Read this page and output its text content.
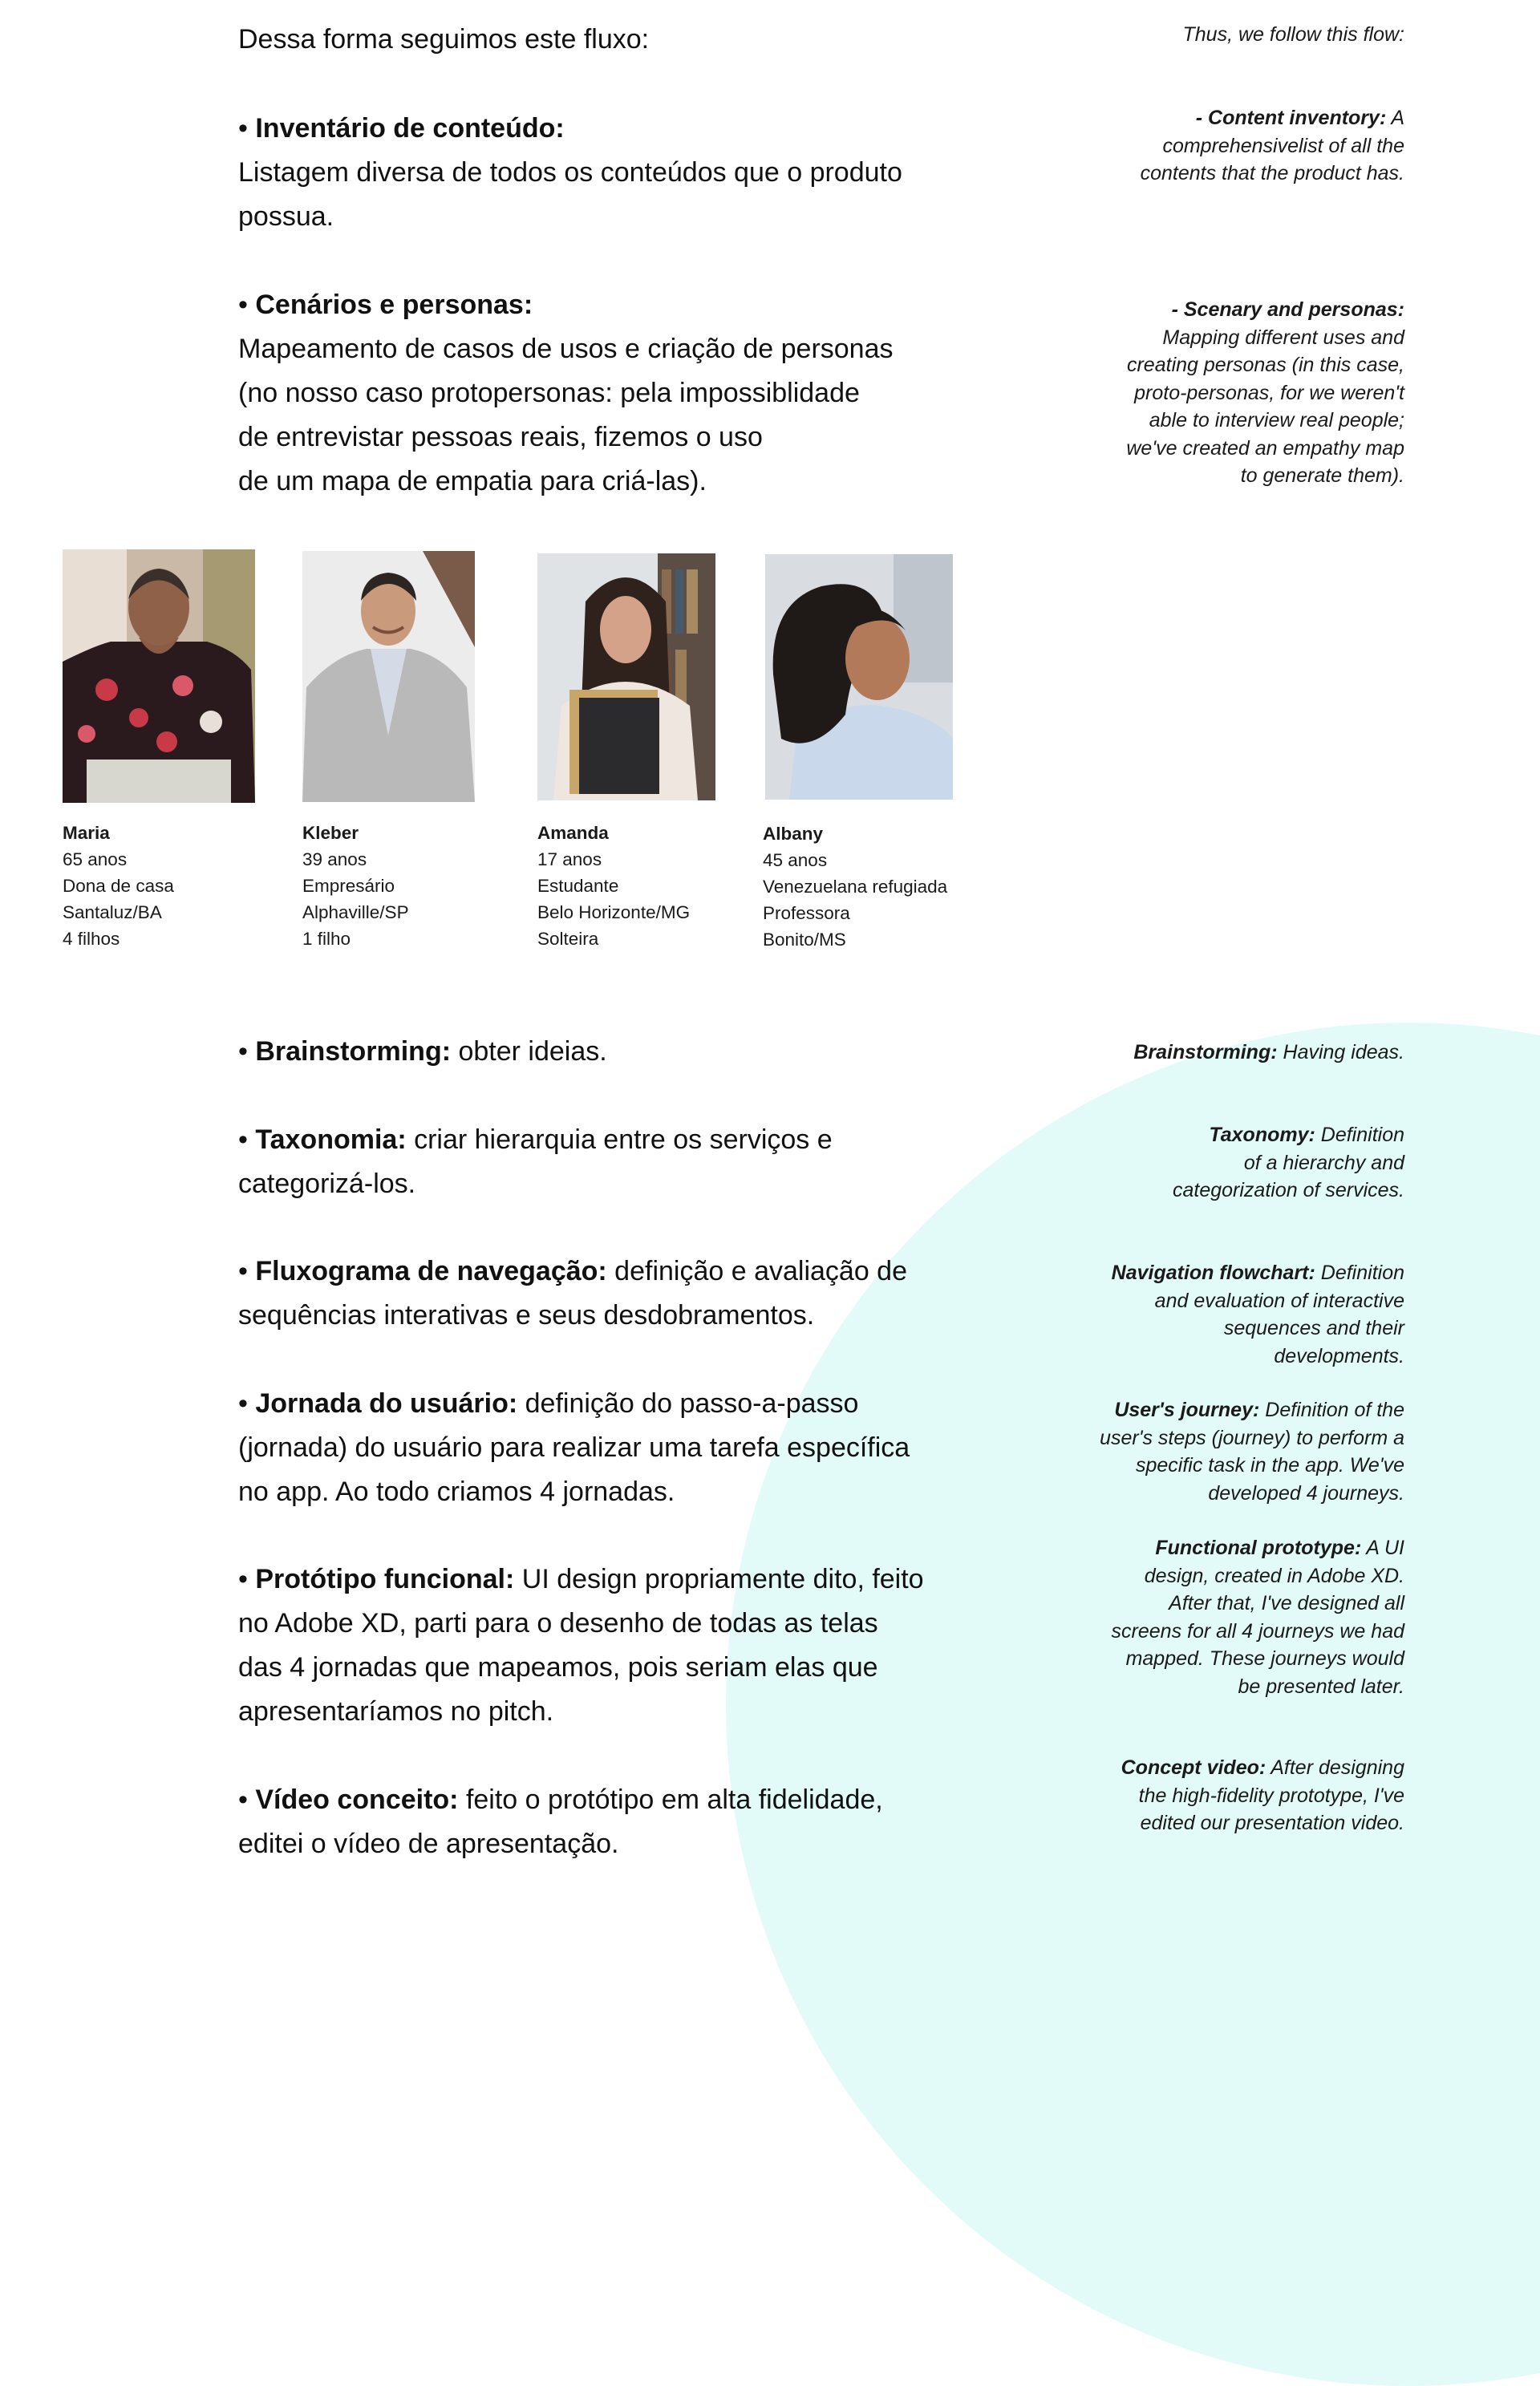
Dessa forma seguimos este fluxo:	Thus, we follow this flow:
• Inventário de conteúdo:
Listagem diversa de todos os conteúdos que o produto
possua.
- Content inventory: A
comprehensivelist of all the
contents that the product has.
• Cenários e personas:
Mapeamento de casos de usos e criação de personas
(no nosso caso protopersonas: pela impossiblidade
de entrevistar pessoas reais, fizemos o uso
de um mapa de empatia para criá-las).
- Scenary and personas:
Mapping different uses and
creating personas (in this case,
proto-personas, for we weren't
able to interview real people;
we've created an empathy map
to generate them).
Maria
65 anos
Dona de casa
Santaluz/BA
4 filhos
Kleber
39 anos
Empresário
Alphaville/SP
1 filho
Amanda
17 anos
Estudante
Belo Horizonte/MG
Solteira
Albany
45 anos
Venezuelana refugiada
Professora
Bonito/MS
• Brainstorming: obter ideias.	Brainstorming: Having ideas.
• Taxonomia: criar hierarquia entre os serviços e
categorizá-los.
Taxonomy: Definition
of a hierarchy and
categorization of services.
• Fluxograma de navegação: definição e avaliação de
sequências interativas e seus desdobramentos.
Navigation flowchart: Definition
and evaluation of interactive
sequences and their
developments.
• Jornada do usuário: definição do passo-a-passo
(jornada) do usuário para realizar uma tarefa específica
no app. Ao todo criamos 4 jornadas.
User's journey: Definition of the
user's steps (journey) to perform a
specific task in the app. We've
developed 4 journeys.
• Protótipo funcional: UI design propriamente dito, feito
no Adobe XD, parti para o desenho de todas as telas
das 4 jornadas que mapeamos, pois seriam elas que
apresentaríamos no pitch.
Functional prototype: A UI
design, created in Adobe XD.
After that, I've designed all
screens for all 4 journeys we had
mapped. These journeys would
be presented later.
• Vídeo conceito: feito o protótipo em alta fidelidade,
editei o vídeo de apresentação.
Concept video: After designing
the high-fidelity prototype, I've
edited our presentation video.
